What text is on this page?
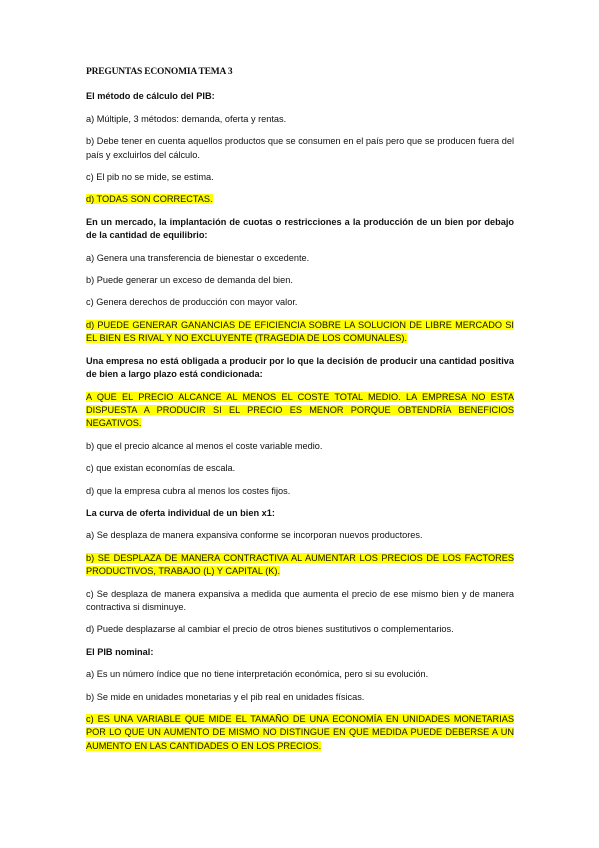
PREGUNTAS ECONOMIA TEMA 3
El método de cálculo del PIB:
a) Múltiple, 3 métodos: demanda, oferta y rentas.
b) Debe tener en cuenta aquellos productos que se consumen en el país pero que se producen fuera del país y excluirlos del cálculo.
c) El pib no se mide, se estima.
d) TODAS SON CORRECTAS.
En un mercado, la implantación de cuotas o restricciones a la producción de un bien por debajo de la cantidad de equilibrio:
a) Genera una transferencia de bienestar o excedente.
b) Puede generar un exceso de demanda del bien.
c) Genera derechos de producción con mayor valor.
d) PUEDE GENERAR GANANCIAS DE EFICIENCIA SOBRE LA SOLUCION DE LIBRE MERCADO SI EL BIEN ES RIVAL Y NO EXCLUYENTE (TRAGEDIA DE LOS COMUNALES).
Una empresa no está obligada a producir por lo que la decisión de producir una cantidad positiva de bien a largo plazo está condicionada:
A QUE EL PRECIO ALCANCE AL MENOS EL COSTE TOTAL MEDIO. LA EMPRESA NO ESTA DISPUESTA A PRODUCIR SI EL PRECIO ES MENOR PORQUE OBTENDRÍA BENEFICIOS NEGATIVOS.
b) que el precio alcance al menos el coste variable medio.
c) que existan economías de escala.
d) que la empresa cubra al menos los costes fijos.
La curva de oferta individual de un bien x1:
a) Se desplaza de manera expansiva conforme se incorporan nuevos productores.
b) SE DESPLAZA DE MANERA CONTRACTIVA AL AUMENTAR LOS PRECIOS DE LOS FACTORES PRODUCTIVOS, TRABAJO (L) Y CAPITAL (K).
c) Se desplaza de manera expansiva a medida que aumenta el precio de ese mismo bien y de manera contractiva si disminuye.
d) Puede desplazarse al cambiar el precio de otros bienes sustitutivos o complementarios.
El PIB nominal:
a) Es un número índice que no tiene interpretación económica, pero si su evolución.
b) Se mide en unidades monetarias y el pib real en unidades físicas.
c) ES UNA VARIABLE QUE MIDE EL TAMAÑO DE UNA ECONOMÍA EN UNIDADES MONETARIAS POR LO QUE UN AUMENTO DE MISMO NO DISTINGUE EN QUE MEDIDA PUEDE DEBERSE A UN AUMENTO EN LAS CANTIDADES O EN LOS PRECIOS.
